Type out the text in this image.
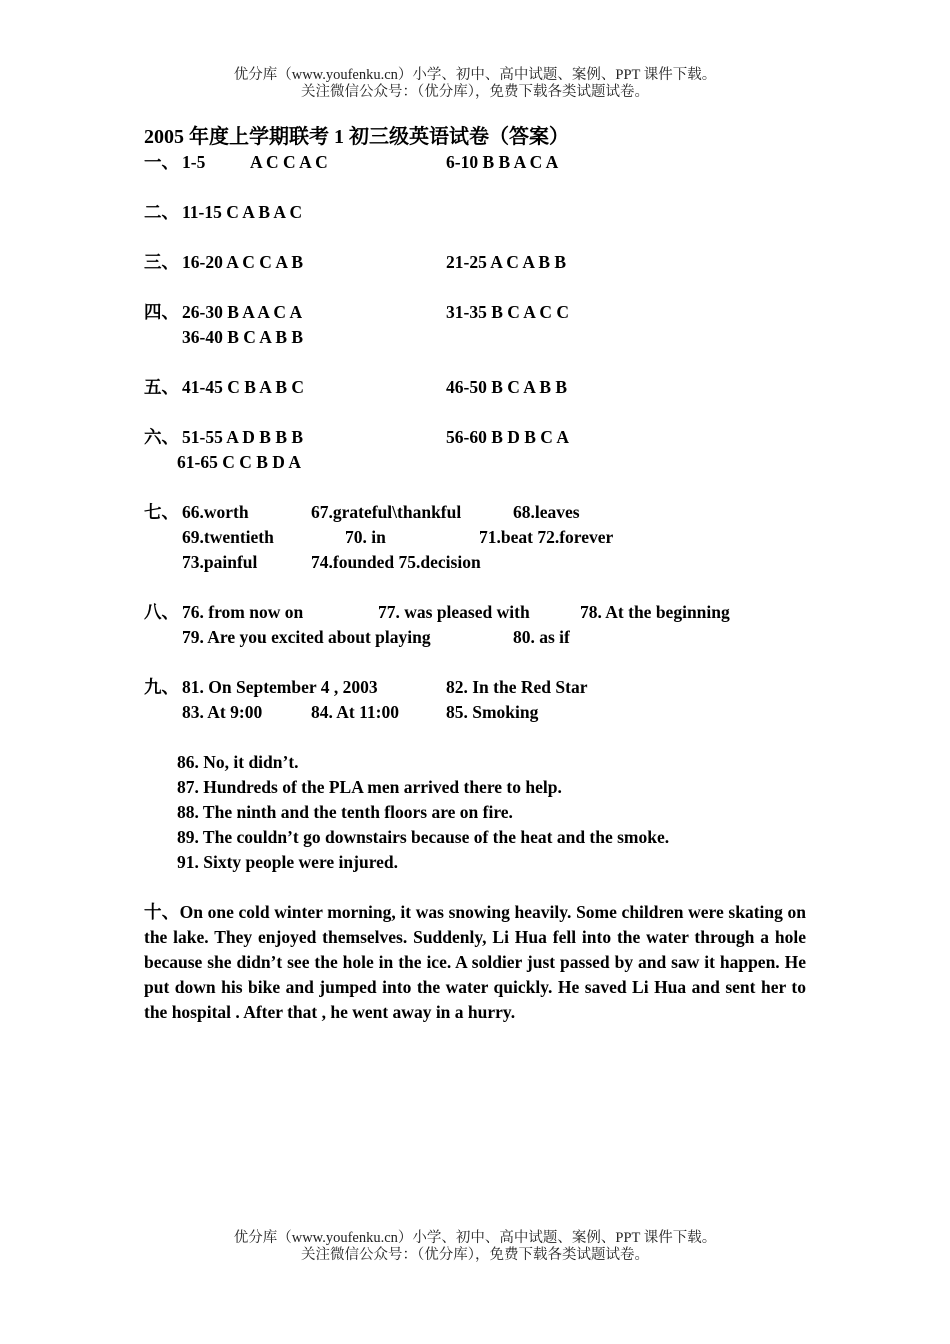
优分库（www.youfenku.cn）小学、初中、高中试题、案例、PPT 课件下载。
关注微信公众号：（优分库），免费下载各类试题试卷。
2005 年度上学期联考 1 初三级英语试卷（答案）
一、 1-5	A C C A C	6-10 B B A C A
二、 11-15 C A B A C
三、 16-20 A C C A B	21-25 A C A B B
四、 26-30 B A A C A	31-35 B C A C C
36-40 B C A B B
五、 41-45 C B A B C	46-50 B C A B B
六、 51-55 A D B B B	56-60 B D B C A
61-65 C C B D A
七、 66.worth	67.grateful\thankful	68.leaves
69.twentieth	70. in	71.beat 72.forever
73.painful	74.founded 75.decision
八、 76. from now on	77. was pleased with	78. At the beginning
79. Are you excited about playing	80. as if
九、 81. On September 4 , 2003	82. In the Red Star
83. At 9:00	84. At 11:00	85. Smoking
86. No, it didn’t.
87. Hundreds of the PLA men arrived there to help.
88. The ninth and the tenth floors are on fire.
89. The couldn’t go downstairs because of the heat and the smoke.
91. Sixty people were injured.
十、On one cold winter morning, it was snowing heavily. Some children were skating on the lake. They enjoyed themselves. Suddenly, Li Hua fell into the water through a hole because she didn’t see the hole in the ice. A soldier just passed by and saw it happen. He put down his bike and jumped into the water quickly. He saved Li Hua and sent her to the hospital . After that , he went away in a hurry.
优分库（www.youfenku.cn）小学、初中、高中试题、案例、PPT 课件下载。
关注微信公众号：（优分库），免费下载各类试题试卷。
